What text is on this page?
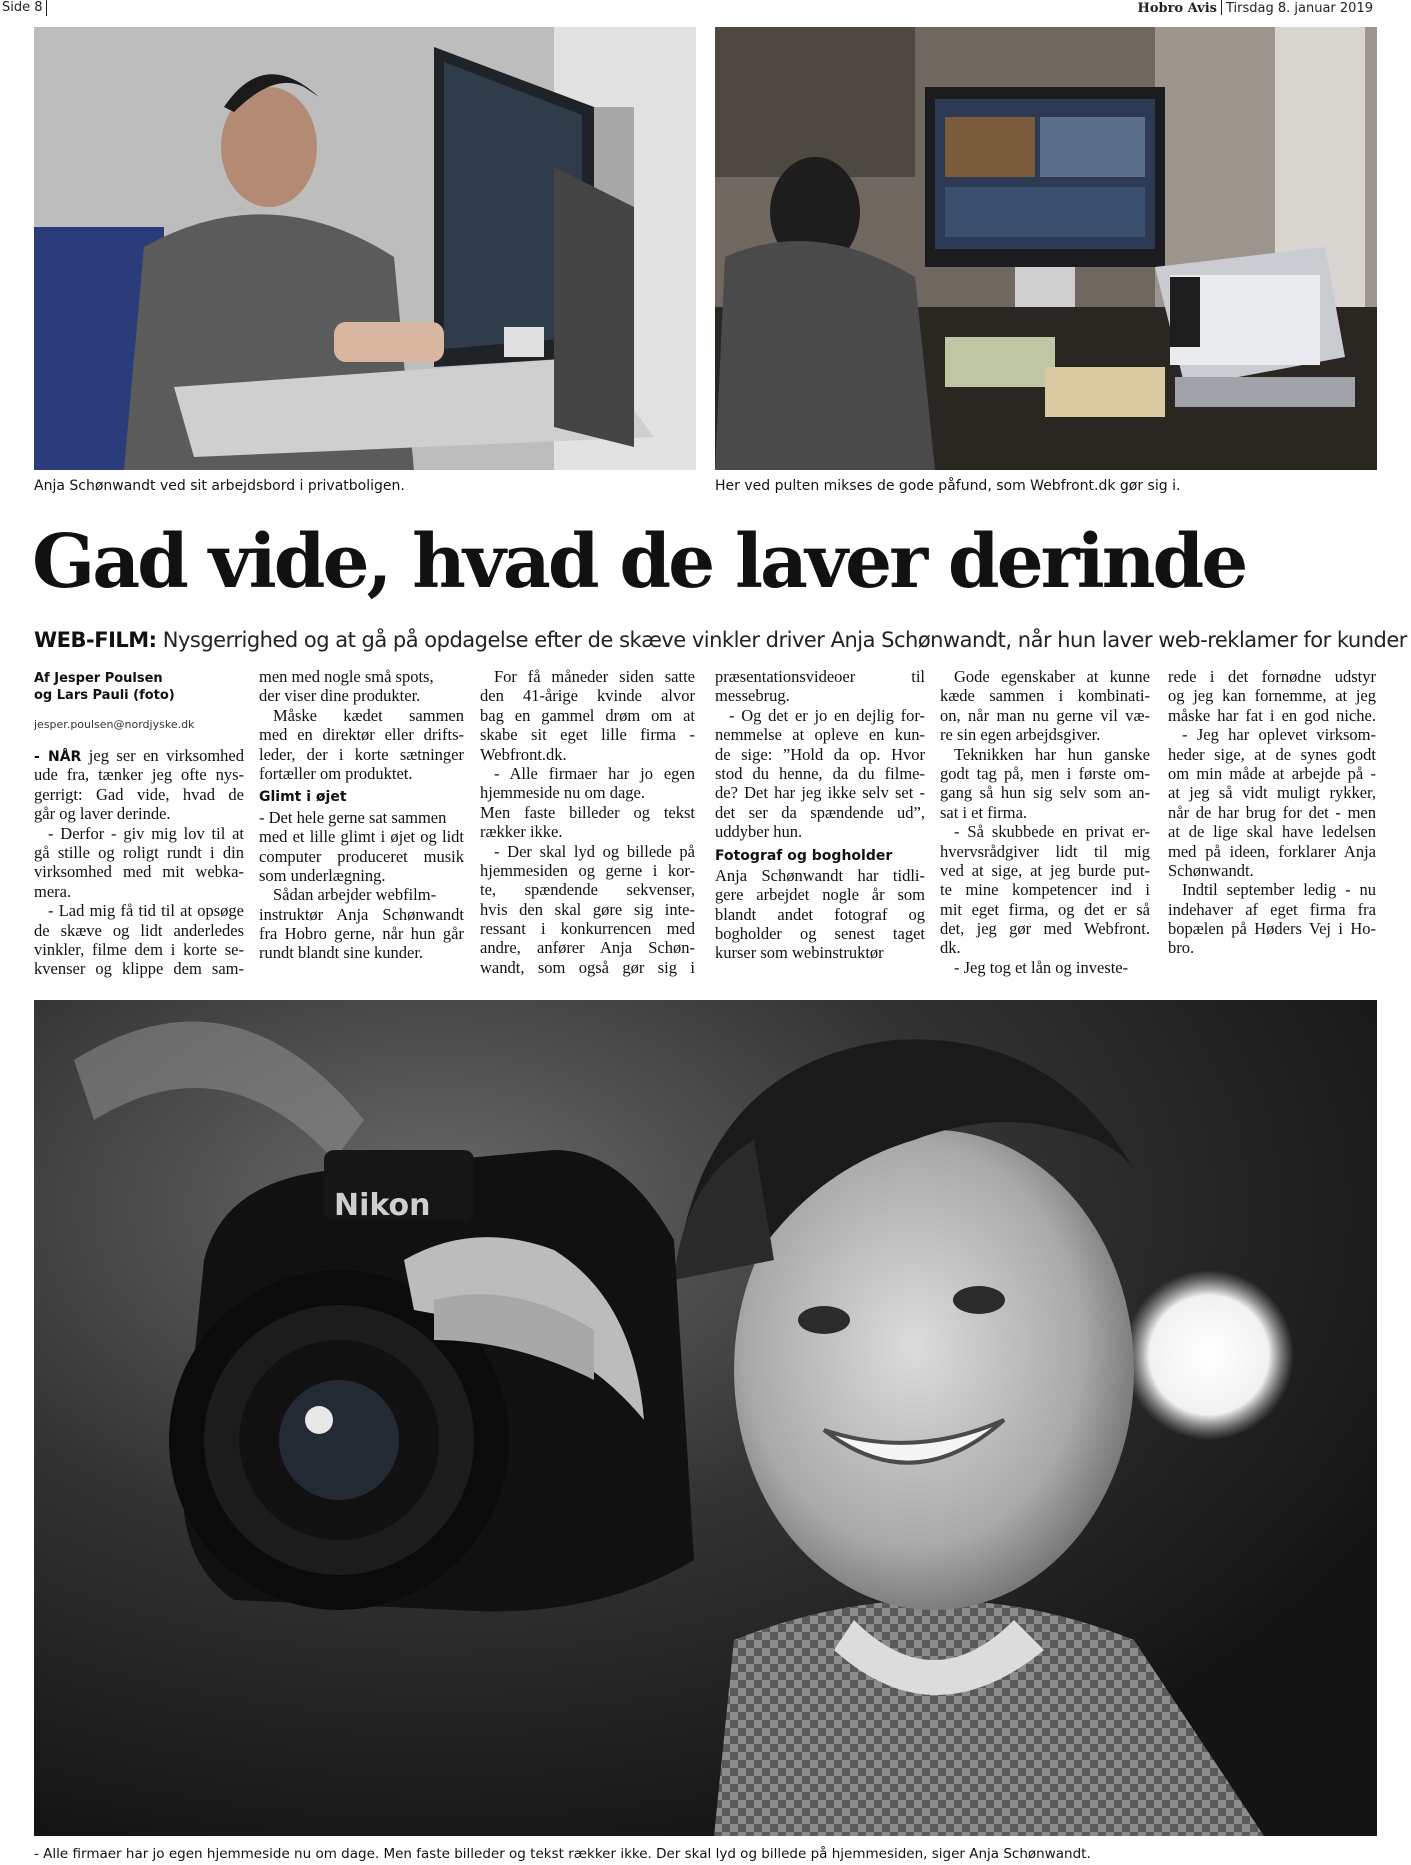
Side 8	Hobro Avis Tirsdag 8. januar 2019
Anja Schønwandt ved sit arbejdsbord i privatboligen.	Her ved pulten mikses de gode påfund, som Webfront.dk gør sig i.
Gad vide, hvad de laver derinde
WEB-FILM: Nysgerrighed og at gå på opdagelse efter de skæve vinkler driver Anja Schønwandt, når hun laver web-reklamer for kunder
Af Jesper Poulsen
og Lars Pauli (foto)
jesper.poulsen@nordjyske.dk
- NÅR jeg ser en virksomhed
ude fra, tænker jeg ofte nys-
gerrigt: Gad vide, hvad de
går og laver derinde.
- Derfor - giv mig lov til at
gå stille og roligt rundt i din
virksomhed med mit webka-
mera.
- Lad mig få tid til at opsøge
de skæve og lidt anderledes
vinkler, filme dem i korte se-
kvenser og klippe dem sam-
men med nogle små spots,
der viser dine produkter.
Måske kædet sammen
med en direktør eller drifts-
leder, der i korte sætninger
fortæller om produktet.
Glimt i øjet
- Det hele gerne sat sammen
med et lille glimt i øjet og lidt
computer produceret musik
som underlægning.
Sådan arbejder webfilm-
instruktør Anja Schønwandt
fra Hobro gerne, når hun går
rundt blandt sine kunder.
For få måneder siden satte
den 41-årige kvinde alvor
bag en gammel drøm om at
skabe sit eget lille firma -
Webfront.dk.
- Alle firmaer har jo egen
hjemmeside nu om dage.
Men faste billeder og tekst
rækker ikke.
- Der skal lyd og billede på
hjemmesiden og gerne i kor-
te, spændende sekvenser,
hvis den skal gøre sig inte-
ressant i konkurrencen med
andre, anfører Anja Schøn-
wandt, som også gør sig i
præsentationsvideoer til
messebrug.
- Og det er jo en dejlig for-
nemmelse at opleve en kun-
de sige: ”Hold da op. Hvor
stod du henne, da du filme-
de? Det har jeg ikke selv set -
det ser da spændende ud”,
uddyber hun.
Fotograf og bogholder
Anja Schønwandt har tidli-
gere arbejdet nogle år som
blandt andet fotograf og
bogholder og senest taget
kurser som webinstruktør
Gode egenskaber at kunne
kæde sammen i kombinati-
on, når man nu gerne vil væ-
re sin egen arbejdsgiver.
Teknikken har hun ganske
godt tag på, men i første om-
gang så hun sig selv som an-
sat i et firma.
- Så skubbede en privat er-
hvervsrådgiver lidt til mig
ved at sige, at jeg burde put-
te mine kompetencer ind i
mit eget firma, og det er så
det, jeg gør med Webfront.
dk.
- Jeg tog et lån og investe-
rede i det fornødne udstyr
og jeg kan fornemme, at jeg
måske har fat i en god niche.
- Jeg har oplevet virksom-
heder sige, at de synes godt
om min måde at arbejde på -
at jeg så vidt muligt rykker,
når de har brug for det - men
at de lige skal have ledelsen
med på ideen, forklarer Anja
Schønwandt.
Indtil september ledig - nu
indehaver af eget firma fra
bopælen på Høders Vej i Ho-
bro.
Nikon
- Alle firmaer har jo egen hjemmeside nu om dage. Men faste billeder og tekst rækker ikke. Der skal lyd og billede på hjemmesiden, siger Anja Schønwandt.
